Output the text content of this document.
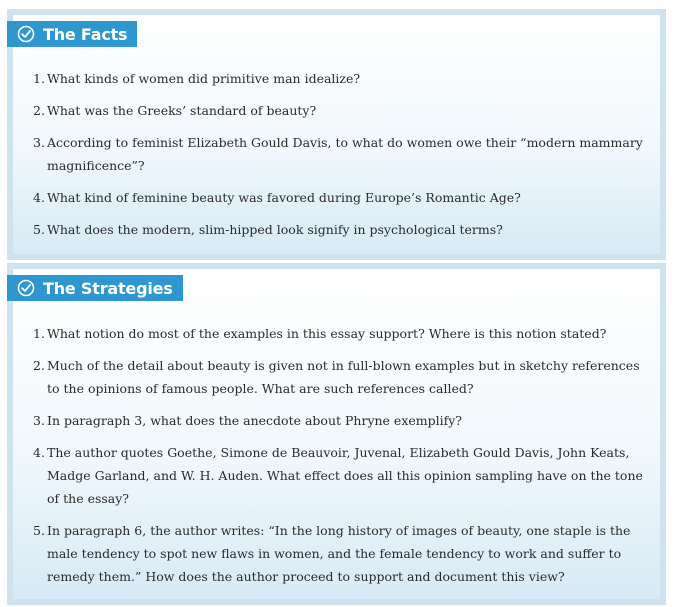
The Facts
1. What kinds of women did primitive man idealize?
2. What was the Greeks’ standard of beauty?
3. According to feminist Elizabeth Gould Davis, to what do women owe their “modern mammary magnificence”?
4. What kind of feminine beauty was favored during Europe’s Romantic Age?
5. What does the modern, slim-hipped look signify in psychological terms?
The Strategies
1. What notion do most of the examples in this essay support? Where is this notion stated?
2. Much of the detail about beauty is given not in full-blown examples but in sketchy references to the opinions of famous people. What are such references called?
3. In paragraph 3, what does the anecdote about Phryne exemplify?
4. The author quotes Goethe, Simone de Beauvoir, Juvenal, Elizabeth Gould Davis, John Keats, Madge Garland, and W. H. Auden. What effect does all this opinion sampling have on the tone of the essay?
5. In paragraph 6, the author writes: “In the long history of images of beauty, one staple is the male tendency to spot new flaws in women, and the female tendency to work and suffer to remedy them.” How does the author proceed to support and document this view?
